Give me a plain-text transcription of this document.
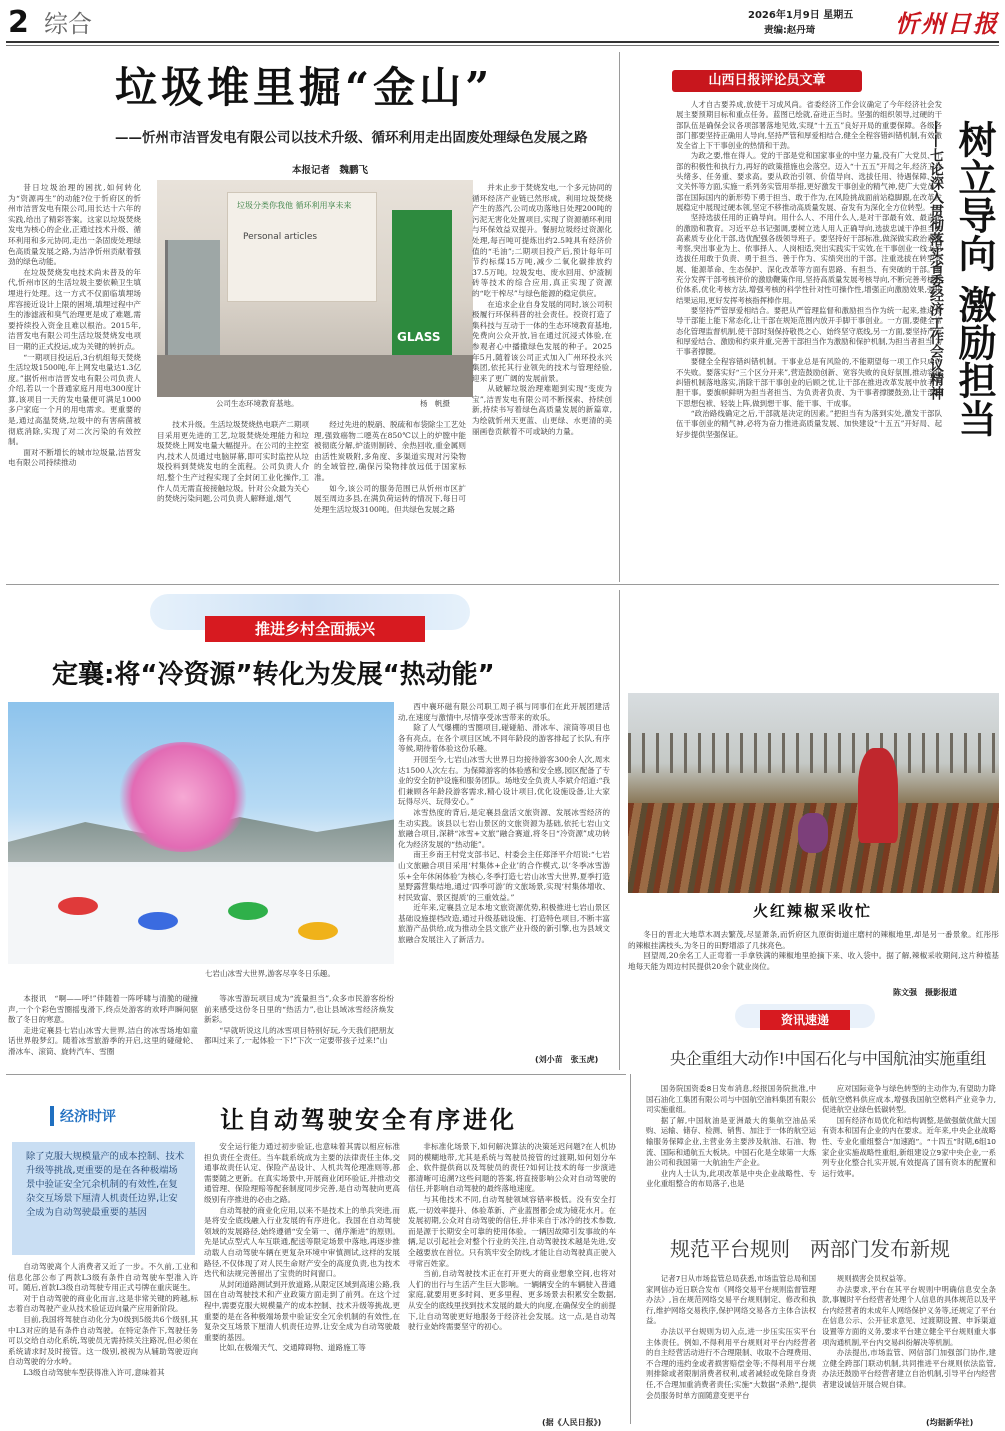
2 综合	2026年1月9日 星期五
责编:赵丹琦	忻州日报
垃圾堆里掘“金山”
——忻州市洁晋发电有限公司以技术升级、循环利用走出固废处理绿色发展之路
本报记者　魏鹏飞

昔日垃圾治理的困扰,如何转化为“资源再生”的动能?位于忻府区的忻州市洁晋发电有限公司,用长达十六年的实践,给出了精彩答案。这家以垃圾焚烧发电为核心的企业,正通过技术升级、循环利用和多元协同,走出一条固废处理绿色高质量发展之路,为洁净忻州贡献着强劲的绿色动能。

在垃圾焚烧发电技术尚未普及的年代,忻州市区的生活垃圾主要依赖卫生填埋进行处理。这一方式不仅面临填埋场库容接近设计上限的困境,填埋过程中产生的渗滤液和臭气治理更是成了难题,需要持续投入资金且难以根治。2015年,洁晋发电有限公司生活垃圾焚烧发电项目一期的正式投运,成为关键的转折点。

“一期项目投运后,3台机组每天焚烧生活垃圾1500吨,年上网发电量达1.3亿度。”据忻州市洁晋发电有限公司负责人介绍,若以一个普通家庭月用电300度计算,该项目一天的发电量便可满足1000多户家庭一个月的用电需求。更重要的是,通过高温焚烧,垃圾中的有害病菌被彻底消除,实现了对二次污染的有效控制。

面对不断增长的城市垃圾量,洁晋发电有限公司持续推动

垃圾分类你我他 循环利用享未来
Personal articles
GLASS
公司生态环境教育基地。	杨　帆摄

技术升级。生活垃圾焚烧热电联产二期项目采用更先进的工艺,垃圾焚烧处理能力和垃圾焚烧上网发电量大幅提升。在公司的主控室内,技术人员通过电脑屏幕,即可实时监控从垃圾投料到焚烧发电的全流程。公司负责人介绍,整个生产过程实现了全封闭工业化操作,工作人员无需直接接触垃圾。针对公众最为关心的焚烧污染问题,公司负责人解释道,烟气

经过先进的脱硝、脱硫和布袋除尘工艺处理,强致癌物二噁英在850℃以上的炉膛中能被彻底分解,炉渣则制砖、余热回收,重金属则由活性炭吸附,多角度、多渠道实现对污染物的全域管控,确保污染物排放远低于国家标准。

如今,该公司的服务范围已从忻州市区扩展至周边多县,在满负荷运转的情况下,每日可处理生活垃圾3100吨。但共绿色发展之路

并未止步于焚烧发电,一个多元协同的循环经济产业链已然形成。利用垃圾焚烧产生的蒸汽,公司成功落地日处理200吨的污泥无害化处置项目,实现了资源循环利用与环保效益双提升。餐厨垃圾经过资源化处理,每百吨可提炼出约2.5吨具有经济价值的“毛油”;二期项目投产后,预计每年可节约标煤15万吨,减少二氧化碳排放约37.5万吨。垃圾发电、废水回用、炉渣制砖等技术的综合应用,真正实现了资源的“吃干榨尽”与绿色能源的稳定供应。

在追求企业自身发展的同时,该公司积极履行环保科普的社会责任。投资打造了集科技与互动于一体的生态环境教育基地,免费向公众开放,旨在通过沉浸式体验,在参观者心中播撒绿色发展的种子。2025年5月,随着该公司正式加入广州环投永兴集团,依托其行业领先的技术与管理经验,迎来了更广阔的发展前景。

从破解垃圾治理难题到实现“变废为宝”,洁晋发电有限公司不断探索、持续创新,持续书写着绿色高质量发展的新篇章,为绘就忻州天更蓝、山更绿、水更清的美丽画卷贡献着不可或缺的力量。

山西日报评论员文章

人才自古要养成,放使干习成风尚。省委经济工作会议确定了今年经济社会发展主要预期目标和重点任务。蓝图已绘就,奋进正当时。坚强的组织领导,过硬的干部队伍是确保会议各项部署落地见效,实现“十五五”良好开局的重要保障。各级各部门都要坚持正确用人导向,坚持严管和厚爱相结合,健全全程容错纠错机制,有效激发全省上下干事创业的热情和干劲。

为政之要,惟在得人。党的干部是党和国家事业的中坚力量,没有广大党员、干部的积极性和执行力,再好的政策措施也会落空。迈入“十五五”开局之年,经济工作头绪多、任务重、要求高。要从政治引领、价值导向、选拔任用、待遇保障、人文关怀等方面,实施一系列务实管用举措,更好激发干事创业的精气神,使广大党员干部在国际国内的新形势下勇于担当、敢于作为,在风险挑战面前站稳脚跟,在改革发展稳定中展现过硬本领,坚定不移推动高质量发展、奋发有为深化全方位转型。

坚持选拔任用的正确导向。用什么人、不用什么人,是对干部最有效、最直接的激励和教育。习近平总书记强调,要树立选人用人正确导向,选拔忠诚干净担当的高素质专业化干部,选优配强各级领导班子。要坚持好干部标准,做深做实政治素质考察,突出事业为上、依事择人、人岗相适,突出实践实干实效,在干事创业一线大力选拔任用敢于负责、勇于担当、善于作为、实绩突出的干部。注重选拔在转型发展、能源革命、生态保护、深化改革等方面有思路、有担当、有突破的干部。要充分发挥干部考核评价的激励鞭策作用,坚持高质量发展考核导向,不断完善考核评价体系,优化考核方法,增强考核的科学性针对性可操作性,增强正向激励效果,强化结果运用,更好发挥考核指挥棒作用。

要坚持严管厚爱相结合。要把从严管理监督和激励担当作为统一起来,推进领导干部能上能下常态化,让干部在规矩范围内放开手脚干事创业。一方面,要健全常态化管理监督机制,使干部时刻保持敬畏之心、始终坚守底线,另一方面,要坚持严管和厚爱结合、激励和约束并重,完善干部担当作为激励和保护机制,为担当者担当,为干事者撑腰。

要健全全程容错纠错机制。干事业总是有风险的,不能期望每一项工作只成功不失败。要落实好“三个区分开来”,营造鼓励创新、宽容失败的良好氛围,推动容错纠错机制落地落实,消除干部干事创业的后顾之忧,让干部在推进改革发展中放手大胆干事。要旗帜鲜明为担当者担当、为负责者负责、为干事者撑腰鼓劲,让干部卸下思想包袱、轻装上阵,做到想干事、能干事、干成事。

“政治路线确定之后,干部就是决定的因素。”把担当有为落到实处,激发干部队伍干事创业的精气神,必将为奋力推进高质量发展、加快建设“十五五”开好局、起好步提供坚强保证。	树立导向 激励担当
——七论深入贯彻落实省委经济工作会议精神
推进乡村全面振兴
定襄:将“冷资源”转化为发展“热动能”
七岩山冰雪大世界,游客尽享冬日乐趣。

本报讯　“啊——呼!”伴随着一阵呼啸与清脆的碰撞声,一个个彩色雪圈摇曳滑下,终点处游客的欢呼声瞬间驱散了冬日的寒意。

走进定襄县七岩山冰雪大世界,洁白的冰雪场地如童话世界般梦幻。随着冰雪旅游季的开启,这里的碰碰轮、滑冰车、滚筒、旋转汽车、雪圈

等冰雪游玩项目成为“流量担当”,众多市民游客纷纷前来感受这份冬日里的“热活力”,也让县域冰雪经济焕发新彩。

“早就听说这儿的冰雪项目特别好玩,今天我们把朋友都叫过来了,一起体验一下!”下次一定要带孩子过来!”山

西中襄环磁有限公司职工周子祺与同事们在此开展团建活动,在速度与激情中,尽情享受冰雪带来的欢乐。

除了人气爆棚的雪圈项目,碰碰船、滑冰车、滚筒等项目也各有亮点。在各个项目区域,不同年龄段的游客排起了长队,有序等候,期待着体验这份乐趣。

开园至今,七岩山冰雪大世界日均接待游客300余人次,周末达1500人次左右。为保障游客的体验感和安全感,园区配备了专业的安全防护设施和服务团队。场地安全负责人李斌介绍道:“我们兼顾各年龄段游客需求,精心设计项目,优化设施设备,让大家玩得尽兴、玩得安心。”

冰雪热度的背后,是定襄县盘活文旅资源、发展冰雪经济的生动实践。该县以七岩山景区的文旅资源为基础,依托七岩山文旅融合项目,深耕“冰雪+文旅”融合赛道,将冬日“冷资源”成功转化为经济发展的“热动能”。

南王乡南王村党支部书记、村委会主任郑泽平介绍说:“七岩山文旅融合项目采用‘村集体+企业’的合作模式,以‘冬季冰雪游乐+全年休闲体验’为核心,冬季打造七岩山冰雪大世界,夏季打造星野露营集结地,通过‘四季可游’的文旅场景,实现‘村集体增收、村民致富、景区提质’的三重效益。”

近年来,定襄县立足本地文旅资源优势,积极推进七岩山景区基础设施提档改造,通过升级基础设施、打造特色项目,不断丰富旅游产品供给,成为推动全县文旅产业升级的新引擎,也为县域文旅融合发展注入了新活力。

(刘小苗　张玉虎)
火红辣椒采收忙

冬日的晋北大地草木凋去繁茂,尽显萧条,而忻府区九原街街道庄磨村的辣椒地里,却是另一番景象。红彤彤的辣椒挂满枝头,为冬日的田野增添了几抹亮色。

回望周,20余名工人正弯着一手拿铁满的辣椒地里抢摘下来、收入袋中。据了解,辣椒采收期间,这片种植基地每天能为周边村民提供20余个就业岗位。

陈文强　摄影报道
资讯速递
央企重组大动作!中国石化与中国航油实施重组

国务院国资委8日发布消息,经报国务院批准,中国石油化工集团有限公司与中国航空油料集团有限公司实施重组。

据了解,中国航油是亚洲最大的集航空油品采购、运输、储存、检测、销售、加注于一体的航空运输服务保障企业,主营业务主要涉及航油、石油、物流、国际和通航五大板块。中国石化是全球第一大炼油公司和我国第一大航油生产企业。

业内人士认为,此项改革是中央企业战略性、专业化重组整合的布局落子,也是

应对国际竞争与绿色转型的主动作为,有望助力降低航空燃料供应成本,增强我国航空燃料产业竞争力,促进航空业绿色低碳转型。

国有经济布局优化和结构调整,是做强做优做大国有资本和国有企业的内在要求。近年来,中央企业战略性、专业化重组整合“加速跑”。“十四五”时期,6组10家企业实施战略性重组,新组建设立9家中央企业,一系列专业化整合扎实开展,有效提高了国有资本的配置和运行效率。

规范平台规则　两部门发布新规

记者7日从市场监管总局获悉,市场监管总局和国家网信办近日联合发布《网络交易平台规则监督管理办法》,旨在规范网络交易平台规则制定、修改和执行,维护网络交易秩序,保护网络交易各方主体合法权益。

办法以平台规则为切入点,进一步压实压实平台主体责任。例如,不得利用平台规则对平台内经营者的自主经营活动进行不合理限制、收取不合理费用、不合理的违约金或者损害赔偿金等;不得利用平台规则排除或者限制消费者权利,或者减轻或免除自身责任,不合理加重消费者责任;实施“大数据”杀熟”,提供会员服务时单方面随意变更平台

规则损害会员权益等。

办法要求,平台在其平台规则中明确信息安全条款,事履时平台经营者处理个人信息的具体规范以及平台内经营者的未成年人网络保护义务等,还规定了平台在信息公示、公开征求意见、过渡期设置、申诉渠道设置等方面的义务,要求平台建立健全平台规则重大事项沟通机制,平台内交易纠纷解决等机制。

办法提出,市场监管、网信部门加强部门协作,建立健全跨部门联动机制,共同推进平台规则依法监管,办法还鼓励平台经营者建立自治机制,引导平台内经营者建设诚信开展合规自律。

(均据新华社)
经济时评	让自动驾驶安全有序进化
除了克服大规模量产的成本控制、技术升级等挑战,更重要的是在各种极端场景中验证安全冗余机制的有效性,在复杂交互场景下厘清人机责任边界,让安全成为自动驾驶最重要的基因

自动驾驶离个人消费者又近了一步。不久前,工业和信息化部公布了两款L3级有条件自动驾驶车型准入许可。随后,首款L3级自动驾驶专用正式号牌在重庆诞生。

对于自动驾驶的商业化而言,这是非常关键的跨越,标志着自动驾驶产业从技术验证迈向量产应用新阶段。

目前,我国将驾驶自动化分为0级到5级共6个级别,其中L3对应的是有条件自动驾驶。在特定条件下,驾驶任务可以交给自动化系统,驾驶员无需持续关注路况,但必须在系统请求时及时接管。这一级别,被视为从辅助驾驶迈向自动驾驶的分水岭。

L3级自动驾驶车型获得准入许可,意味着其

安全运行能力通过初步验证,也意味着其需以相应标准担负责任全责任。当车载系统成为主要的法律责任主体,交通事故责任认定、保险产品设计、人机共驾伦理准则等,都需要随之更新。在真实场景中,开展商业闭环验证,并推动交通管理、保险理赔等配套制度同步完善,是自动驾驶向更高级别有序推进的必由之路。

自动驾驶的商业化应用,以来不是技术上的单兵突进,而是将安全底线融入行业发展的有序进化。我国在自动驾驶领域的发展路径,始终遵循“安全第一、循序渐进”的原则。先是试点型式人车互联通,配送等限定场景中落地,再逐步推动载人自动驾驶车辆在更复杂环境中审慎测试,这样的发展路径,不仅体现了对人民生命财产安全的高度负责,也为技术迭代和法规完善留出了宝贵的时间窗口。

从封闭道路测试到开放道路,从限定区域到高速公路,我国在自动驾驶技术和产业政策方面走到了前列。在这个过程中,需要克服大规模量产的成本控制、技术升级等挑战,更重要的是在各种极端场景中验证安全冗余机制的有效性,在复杂交互场景下厘清人机责任边界,让安全成为自动驾驶最重要的基因。

比如,在极端天气、交通障碍物、道路施工等

非标准化场景下,如何解决算法的决策延迟问题?在人机协同的模糊地带,尤其是系统与驾驶员接管的过渡期,如何划分车企、软件提供商以及驾驶员的责任?如何让技术的每一步演进都清晰可追溯?这些问题的答案,将直接影响公众对自动驾驶的信任,并影响自动驾驶的最终落地速度。

与其他技术不同,自动驾驶领域容错率极低。没有安全打底,一切效率提升、体验革新、产业蓝图都会成为镜花水月。在发展初期,公众对自动驾驶的信任,并非来自于冰冷的技术参数,而是源于长期安全可靠的使用体验。一辆因故障引发事故的车辆,足以引起社会对整个行业的关注,自动驾驶技术越是先进,安全越要放在首位。只有筑牢安全防线,才能让自动驾驶真正驶入寻常百姓家。

当前,自动驾驶技术正在打开更大的商业想象空间,也将对人们的出行与生活产生巨大影响。一辆辆安全的车辆驶入普通家庭,就要用更多时间、更多里程、更多场景去积累安全数据,从安全的底线里找到技术发展的最大的向度,在确保安全的前提下,让自动驾驶更好地服务于经济社会发展。这一点,是自动驾驶行业始终需要坚守的初心。

(据《人民日报》)
